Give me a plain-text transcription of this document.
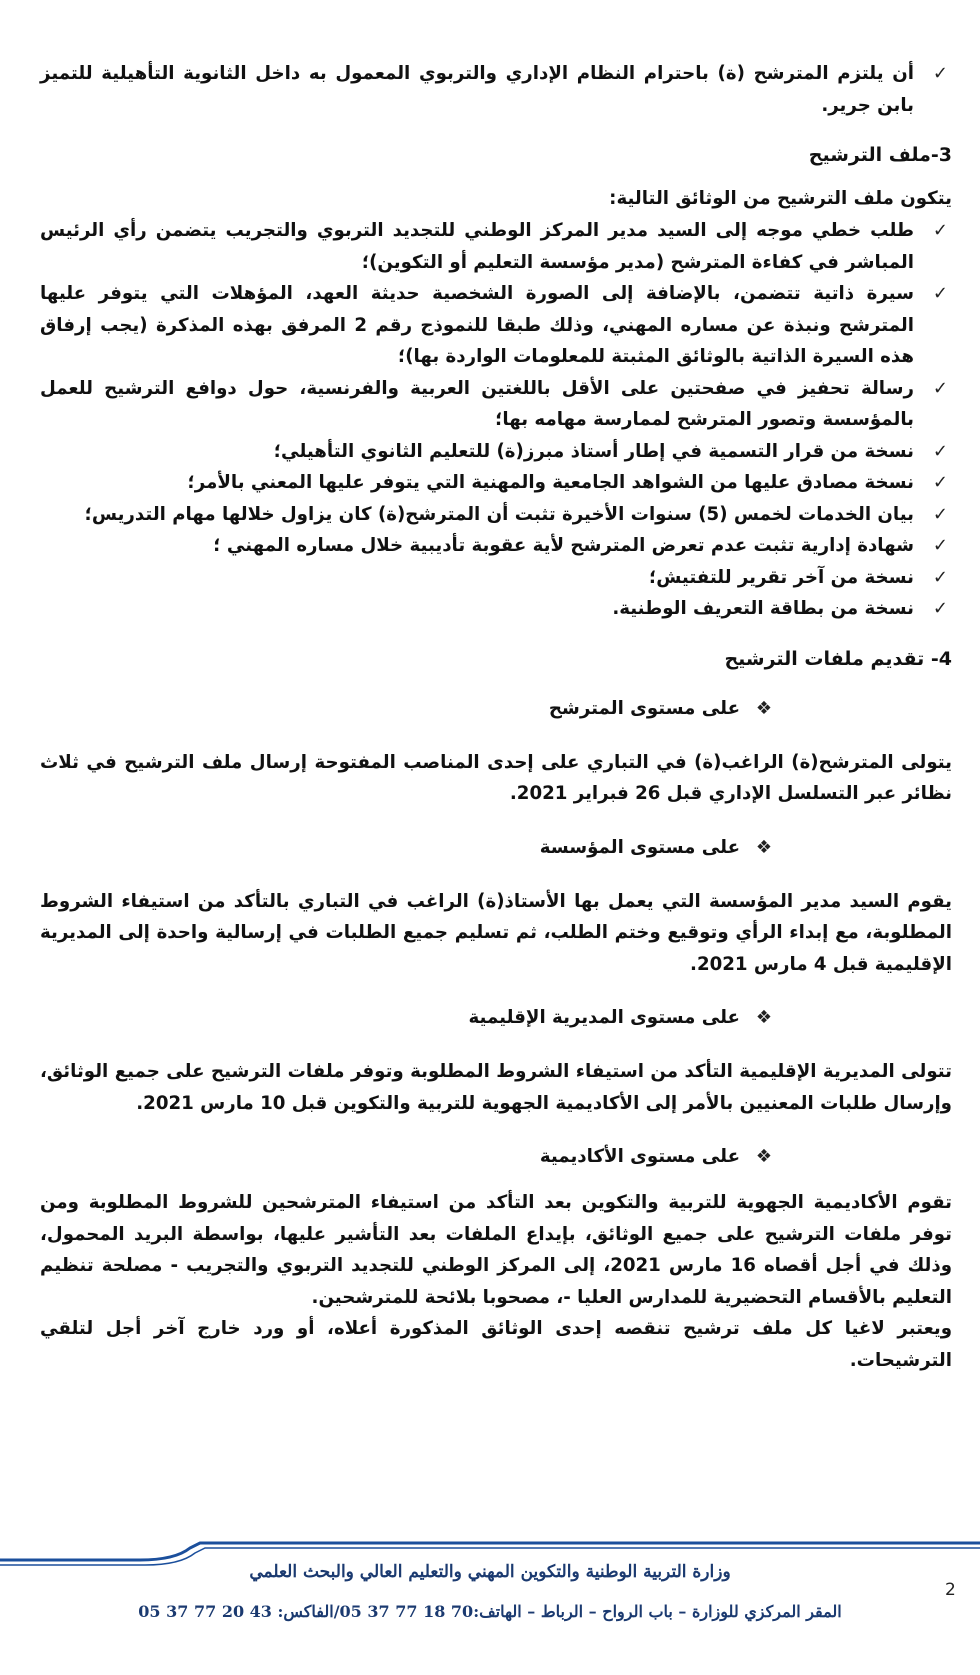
✓
أن يلتزم المترشح (ة) باحترام النظام الإداري والتربوي المعمول به داخل الثانوية التأهيلية للتميز بابن جرير.

3-ملف الترشيح

يتكون ملف الترشيح من الوثائق التالية:

✓
طلب خطي موجه إلى السيد مدير المركز الوطني للتجديد التربوي والتجريب يتضمن رأي الرئيس المباشر في كفاءة المترشح (مدير مؤسسة التعليم أو التكوين)؛
✓
سيرة ذاتية تتضمن، بالإضافة إلى الصورة الشخصية حديثة العهد، المؤهلات التي يتوفر عليها المترشح ونبذة عن مساره المهني، وذلك طبقا للنموذج رقم 2 المرفق بهذه المذكرة (يجب إرفاق هذه السيرة الذاتية بالوثائق المثبتة للمعلومات الواردة بها)؛
✓
رسالة تحفيز في صفحتين على الأقل باللغتين العربية والفرنسية، حول دوافع الترشيح للعمل بالمؤسسة وتصور المترشح لممارسة مهامه بها؛
✓
نسخة من قرار التسمية في إطار أستاذ مبرز(ة) للتعليم الثانوي التأهيلي؛
✓
نسخة مصادق عليها من الشواهد الجامعية والمهنية التي يتوفر عليها المعني بالأمر؛
✓
بيان الخدمات لخمس (5) سنوات الأخيرة تثبت أن المترشح(ة) كان يزاول خلالها مهام التدريس؛
✓
شهادة إدارية تثبت عدم تعرض المترشح لأية عقوبة تأديبية خلال مساره المهني ؛
✓
نسخة من آخر تقرير للتفتيش؛
✓
نسخة من بطاقة التعريف الوطنية.

4- تقديم ملفات الترشيح

❖
على مستوى المترشح

يتولى المترشح(ة) الراغب(ة) في التباري على إحدى المناصب المفتوحة إرسال ملف الترشيح في ثلاث نظائر عبر التسلسل الإداري قبل 26 فبراير 2021.

❖
على مستوى المؤسسة

يقوم السيد مدير المؤسسة التي يعمل بها الأستاذ(ة) الراغب في التباري بالتأكد من استيفاء الشروط المطلوبة، مع إبداء الرأي وتوقيع وختم الطلب، ثم تسليم جميع الطلبات في إرسالية واحدة إلى المديرية الإقليمية قبل 4 مارس 2021.

❖
على مستوى المديرية الإقليمية

تتولى المديرية الإقليمية التأكد من استيفاء الشروط المطلوبة وتوفر ملفات الترشيح على جميع الوثائق، وإرسال طلبات المعنيين بالأمر إلى الأكاديمية الجهوية للتربية والتكوين قبل 10 مارس 2021.

❖
على مستوى الأكاديمية

تقوم الأكاديمية الجهوية للتربية والتكوين بعد التأكد من استيفاء المترشحين للشروط المطلوبة ومن توفر ملفات الترشيح على جميع الوثائق، بإيداع الملفات بعد التأشير عليها، بواسطة البريد المحمول، وذلك في أجل أقصاه 16 مارس 2021، إلى المركز الوطني للتجديد التربوي والتجريب - مصلحة تنظيم التعليم بالأقسام التحضيرية للمدارس العليا -، مصحوبا بلائحة للمترشحين.

ويعتبر لاغيا كل ملف ترشيح تنقصه إحدى الوثائق المذكورة أعلاه، أو ورد خارج آخر أجل لتلقي الترشيحات.

وزارة التربية الوطنية والتكوين المهني والتعليم العالي والبحث العلمي
المقر المركزي للوزارة – باب الرواح – الرباط – الهاتف:70 18 77 37 05/الفاكس: 43 20 77 37 05
2
